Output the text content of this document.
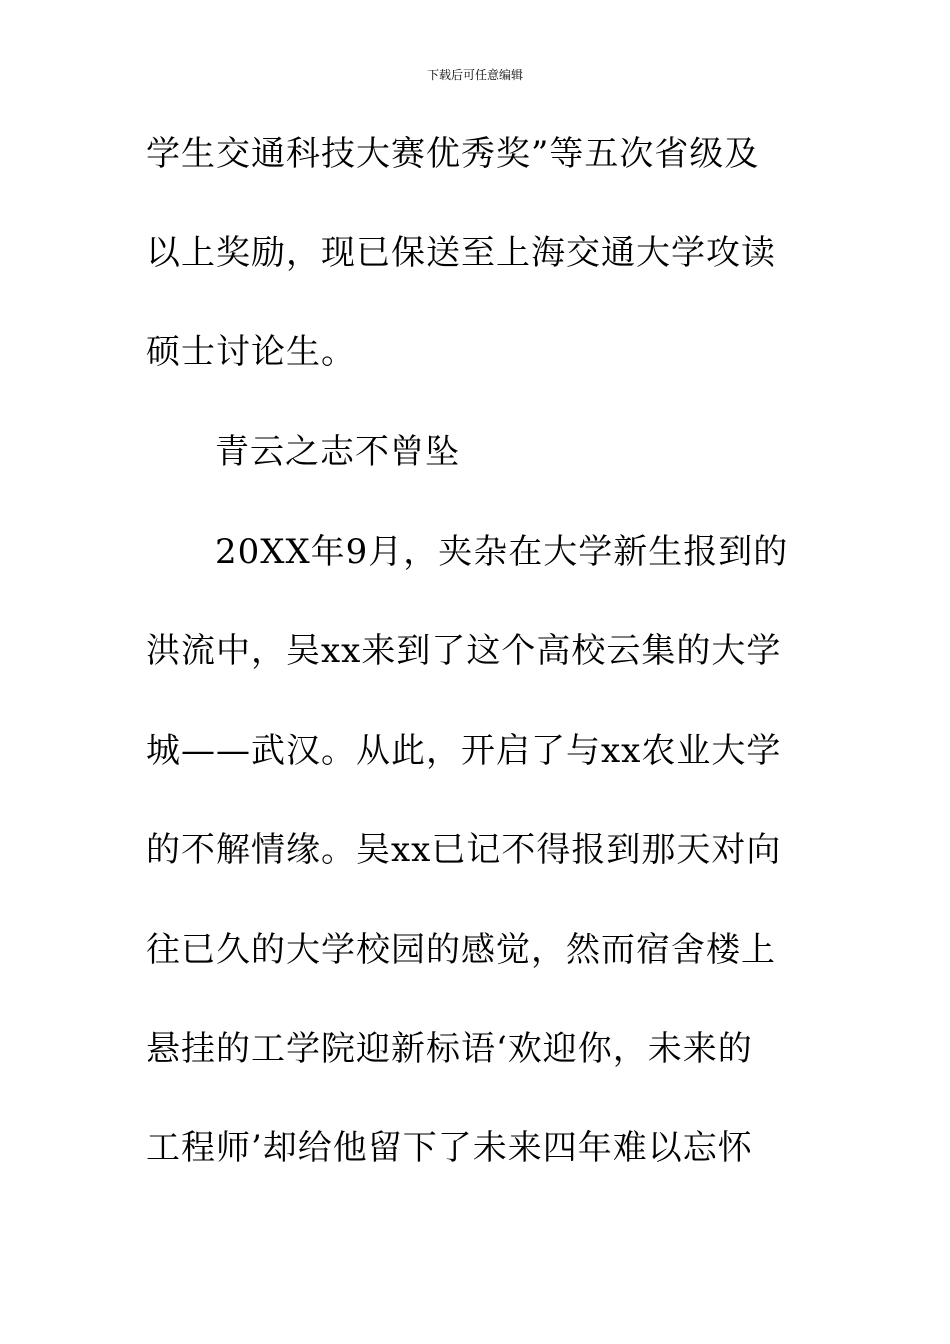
下载后可任意编辑
学生交通科技大赛优秀奖”等五次省级及
以上奖励，现已保送至上海交通大学攻读
硕士讨论生。
青云之志不曾坠
20XX年9月，夹杂在大学新生报到的
洪流中，吴xx来到了这个高校云集的大学
城——武汉。从此，开启了与xx农业大学
的不解情缘。吴xx已记不得报到那天对向
往已久的大学校园的感觉，然而宿舍楼上
悬挂的工学院迎新标语‘欢迎你，未来的
工程师’却给他留下了未来四年难以忘怀
